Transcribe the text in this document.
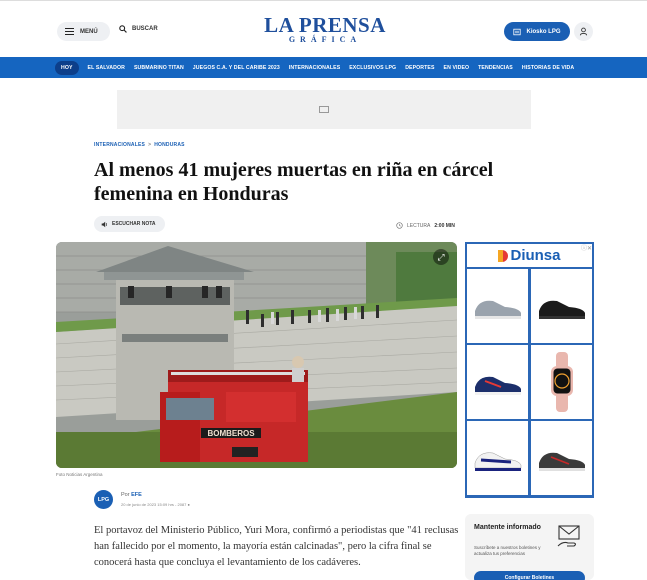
MENÚ	BUSCAR	LA PRENSA
GRÁFICA
Kiosko LPG
HOY	EL SALVADOR SUBMARINO TITAN JUEGOS C.A. Y DEL CARIBE 2023 INTERNACIONALES EXCLUSIVOS LPG DEPORTES EN VIDEO TENDENCIAS HISTORIAS DE VIDA
INTERNACIONALES > HONDURAS
Al menos 41 mujeres muertas en riña en cárcel femenina en Honduras
ESCUCHAR NOTA	LECTURA 2:00 MIN
BOMBEROS
⤢
Foto Noticias Argentina
LPG
Por EFE
20 de junio de 2023 15:09 hrs - 2087 ●

El portavoz del Ministerio Público, Yuri Mora, confirmó a periodistas que "41 reclusas han fallecido por el momento, la mayoría están calcinadas", pero la cifra final se conocerá hasta que concluya el levantamiento de los cadáveres.

Diunsa	ⓘ✕
Mantente informado
Suscríbete a nuestros boletines y actualiza tus preferencias
Configurar Boletines
